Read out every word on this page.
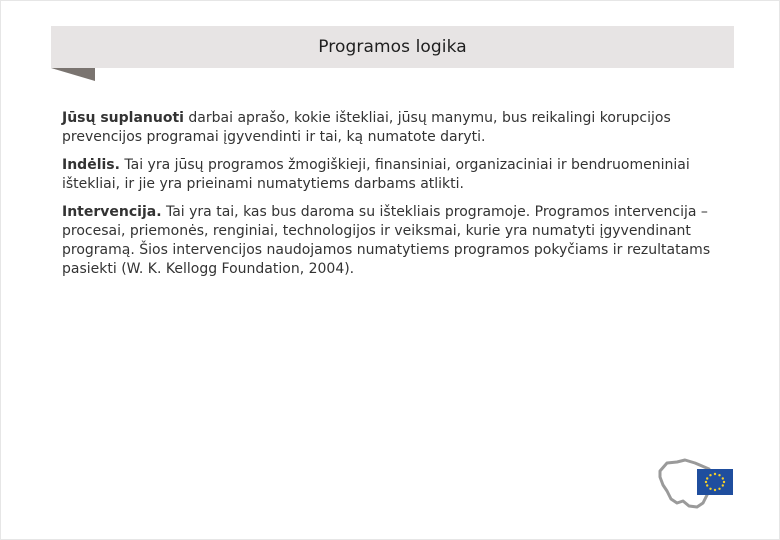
Programos logika

Jūsų suplanuoti darbai aprašo, kokie ištekliai, jūsų manymu, bus reikalingi korupcijos prevencijos programai įgyvendinti ir tai, ką numatote daryti.

Indėlis. Tai yra jūsų programos žmogiškieji, finansiniai, organizaciniai ir bendruomeniniai ištekliai, ir jie yra prieinami numatytiems darbams atlikti.

Intervencija. Tai yra tai, kas bus daroma su ištekliais programoje. Programos intervencija – procesai, priemonės, renginiai, technologijos ir veiksmai, kurie yra numatyti įgyvendinant programą. Šios intervencijos naudojamos numatytiems programos pokyčiams ir rezultatams pasiekti (W. K. Kellogg Foundation, 2004).
